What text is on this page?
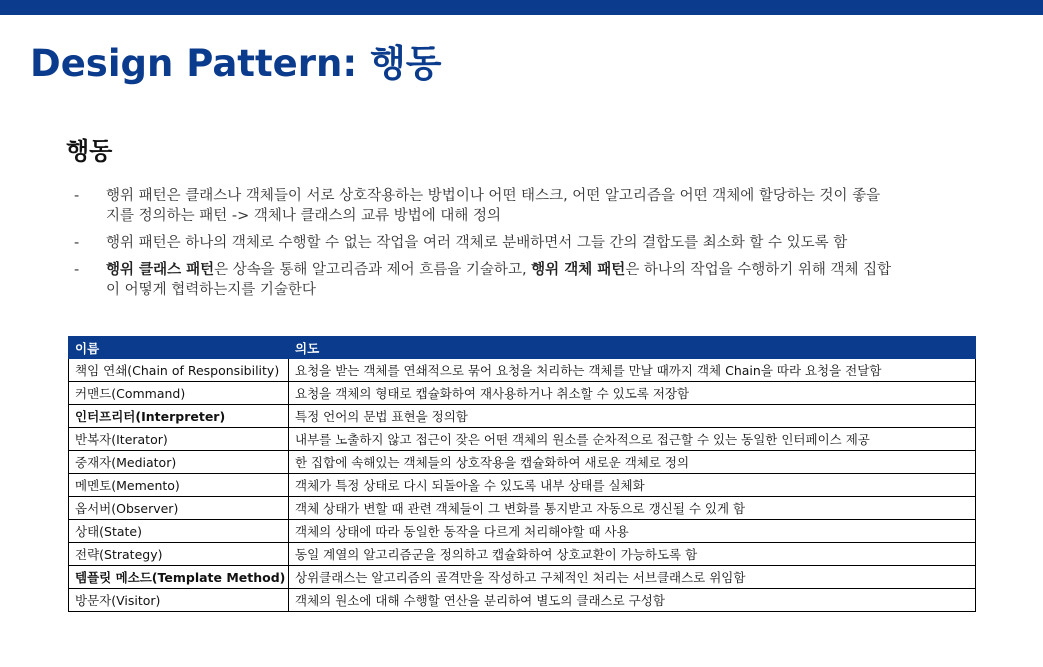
Design Pattern: 행동
행동
- 행위 패턴은 클래스나 객체들이 서로 상호작용하는 방법이나 어떤 태스크, 어떤 알고리즘을 어떤 객체에 할당하는 것이 좋을지를 정의하는 패턴 -> 객체나 클래스의 교류 방법에 대해 정의
- 행위 패턴은 하나의 객체로 수행할 수 없는 작업을 여러 객체로 분배하면서 그들 간의 결합도를 최소화 할 수 있도록 함
- 행위 클래스 패턴은 상속을 통해 알고리즘과 제어 흐름을 기술하고, 행위 객체 패턴은 하나의 작업을 수행하기 위해 객체 집합이 어떻게 협력하는지를 기술한다
이름	의도
책임 연쇄(Chain of Responsibility)	요청을 받는 객체를 연쇄적으로 묶어 요청을 처리하는 객체를 만날 때까지 객체 Chain을 따라 요청을 전달함
커맨드(Command)	요청을 객체의 형태로 캡슐화하여 재사용하거나 취소할 수 있도록 저장함
인터프리터(Interpreter)	특정 언어의 문법 표현을 정의함
반복자(Iterator)	내부를 노출하지 않고 접근이 잦은 어떤 객체의 원소를 순차적으로 접근할 수 있는 동일한 인터페이스 제공
중재자(Mediator)	한 집합에 속해있는 객체들의 상호작용을 캡슐화하여 새로운 객체로 정의
메멘토(Memento)	객체가 특정 상태로 다시 되돌아올 수 있도록 내부 상태를 실체화
옵서버(Observer)	객체 상태가 변할 때 관련 객체들이 그 변화를 통지받고 자동으로 갱신될 수 있게 함
상태(State)	객체의 상태에 따라 동일한 동작을 다르게 처리해야할 때 사용
전략(Strategy)	동일 계열의 알고리즘군을 정의하고 캡슐화하여 상호교환이 가능하도록 함
템플릿 메소드(Template Method)	상위클래스는 알고리즘의 골격만을 작성하고 구체적인 처리는 서브클래스로 위임함
방문자(Visitor)	객체의 원소에 대해 수행할 연산을 분리하여 별도의 클래스로 구성함
